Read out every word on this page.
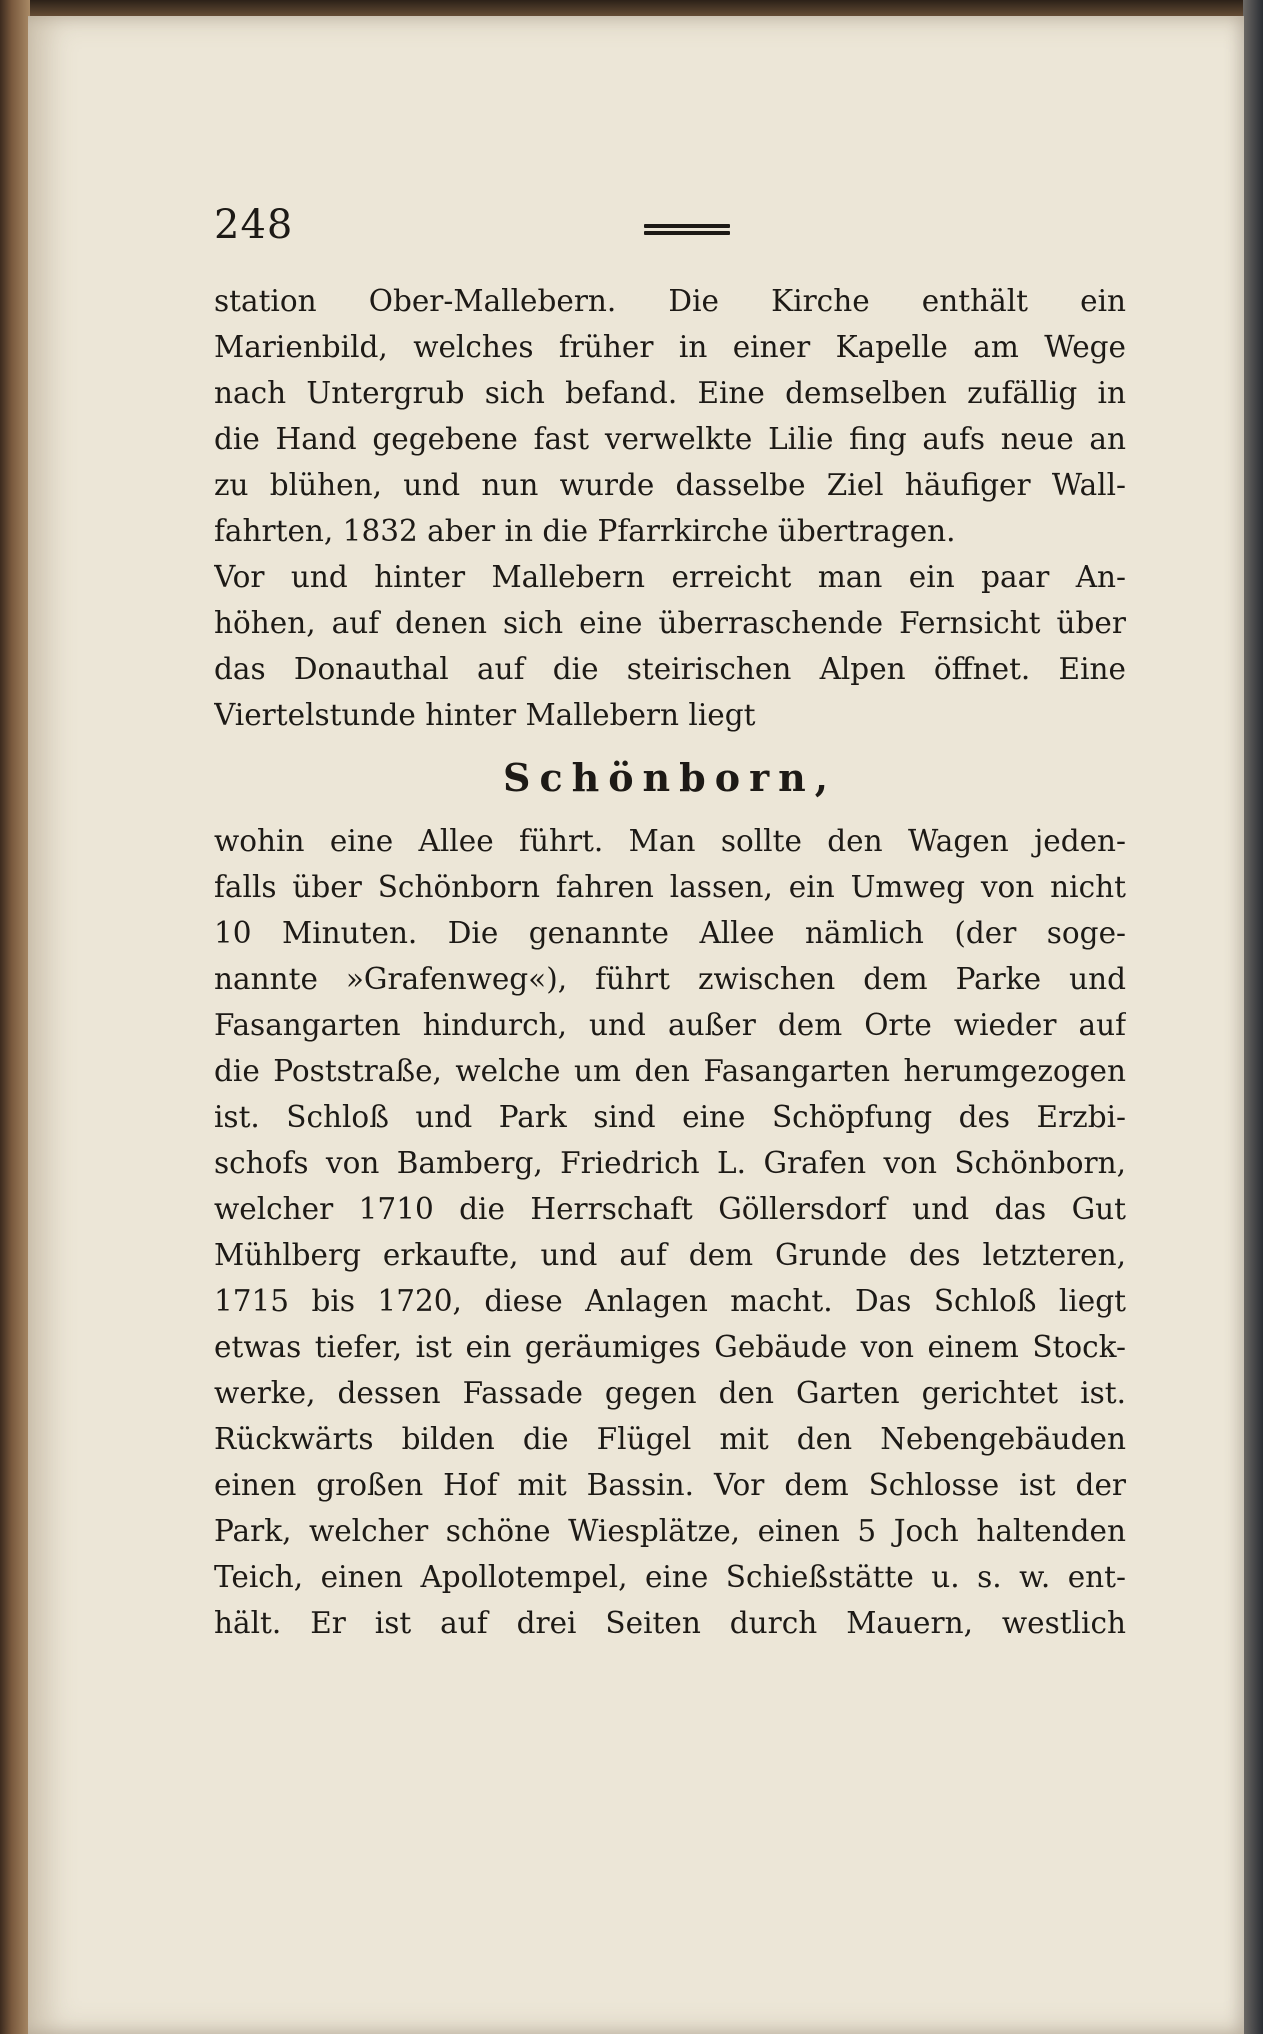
248
station Ober-Mallebern. Die Kirche enthält ein
Marienbild, welches früher in einer Kapelle am Wege
nach Untergrub sich befand. Eine demselben zufällig in
die Hand gegebene fast verwelkte Lilie fing aufs neue an
zu blühen, und nun wurde dasselbe Ziel häufiger Wall-
fahrten, 1832 aber in die Pfarrkirche übertragen.
Vor und hinter Mallebern erreicht man ein paar An-
höhen, auf denen sich eine überraschende Fernsicht über
das Donauthal auf die steirischen Alpen öffnet. Eine
Viertelstunde hinter Mallebern liegt
Schönborn,
wohin eine Allee führt. Man sollte den Wagen jeden-
falls über Schönborn fahren lassen, ein Umweg von nicht
10 Minuten. Die genannte Allee nämlich (der soge-
nannte »Grafenweg«), führt zwischen dem Parke und
Fasangarten hindurch, und außer dem Orte wieder auf
die Poststraße, welche um den Fasangarten herumgezogen
ist. Schloß und Park sind eine Schöpfung des Erzbi-
schofs von Bamberg, Friedrich L. Grafen von Schönborn,
welcher 1710 die Herrschaft Göllersdorf und das Gut
Mühlberg erkaufte, und auf dem Grunde des letzteren,
1715 bis 1720, diese Anlagen macht. Das Schloß liegt
etwas tiefer, ist ein geräumiges Gebäude von einem Stock-
werke, dessen Fassade gegen den Garten gerichtet ist.
Rückwärts bilden die Flügel mit den Nebengebäuden
einen großen Hof mit Bassin. Vor dem Schlosse ist der
Park, welcher schöne Wiesplätze, einen 5 Joch haltenden
Teich, einen Apollotempel, eine Schießstätte u. s. w. ent-
hält. Er ist auf drei Seiten durch Mauern, westlich
